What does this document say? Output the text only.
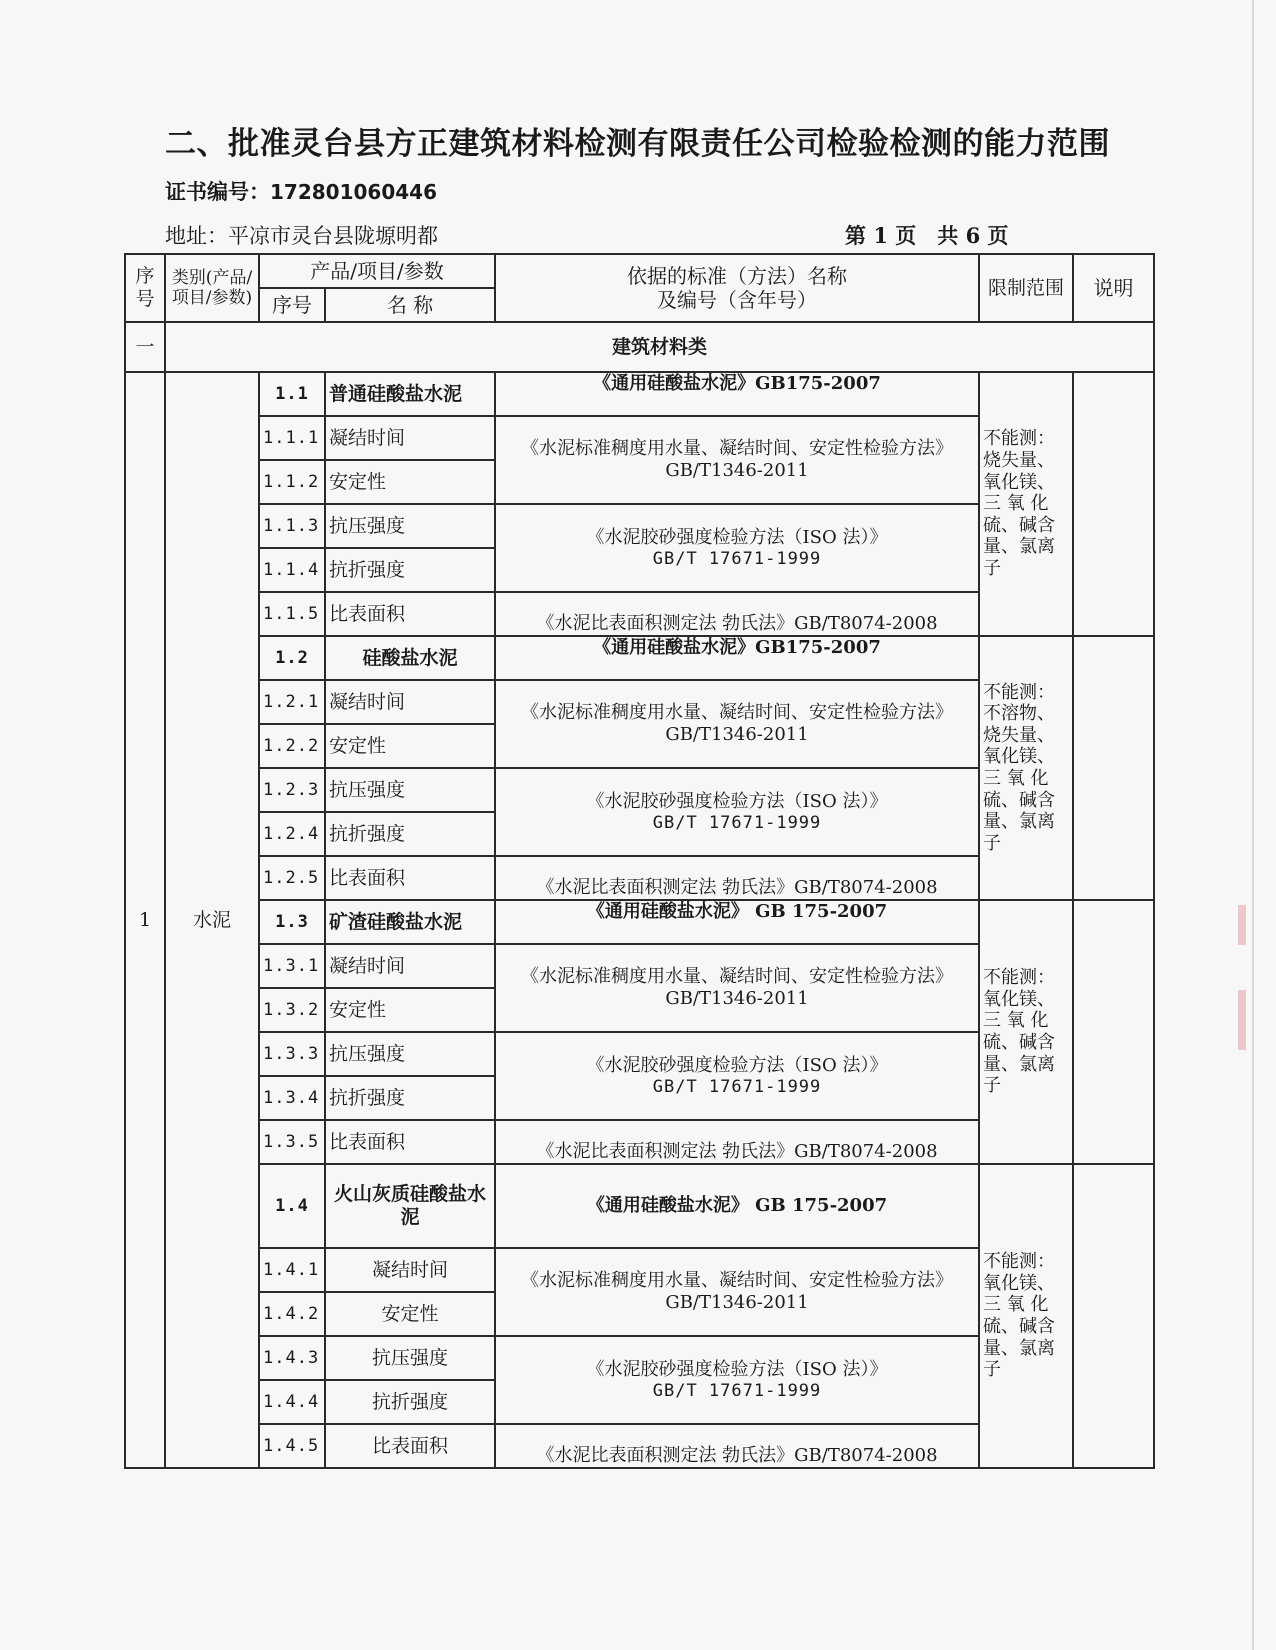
二、批准灵台县方正建筑材料检测有限责任公司检验检测的能力范围
证书编号：172801060446
地址：平凉市灵台县陇塬明都	第 1 页　共 6 页
序号	类别(产品/项目/参数)	产品/项目/参数		依据的标准（方法）名称
及编号（含年号）	限制范围	说明
		序号	名 称			
一	建筑材料类					
1	水泥	1.1	普通硅酸盐水泥	《通用硅酸盐水泥》GB175-2007	不能测：烧失量、氧化镁、三 氧 化硫、碱含量、氯离子	
		1.1.1	凝结时间	《水泥标准稠度用水量、凝结时间、安定性检验方法》GB/T1346-2011		
		1.1.2	安定性			
		1.1.3	抗压强度	《水泥胶砂强度检验方法（ISO 法）》
GB/T 17671-1999		

		1.1.4	抗折强度			
		1.1.5	比表面积	《水泥比表面积测定法 勃氏法》GB/T8074-2008		
		1.2	硅酸盐水泥	《通用硅酸盐水泥》GB175-2007	不能测：不溶物、烧失量、氧化镁、三 氧 化硫、碱含量、氯离子	
		1.2.1	凝结时间	《水泥标准稠度用水量、凝结时间、安定性检验方法》GB/T1346-2011		
		1.2.2	安定性			
		1.2.3	抗压强度	《水泥胶砂强度检验方法（ISO 法）》
GB/T 17671-1999		

		1.2.4	抗折强度			
		1.2.5	比表面积	《水泥比表面积测定法 勃氏法》GB/T8074-2008		
		1.3	矿渣硅酸盐水泥	《通用硅酸盐水泥》 GB 175-2007	不能测：氧化镁、三 氧 化硫、碱含量、氯离子	
		1.3.1	凝结时间	《水泥标准稠度用水量、凝结时间、安定性检验方法》GB/T1346-2011		
		1.3.2	安定性			
		1.3.3	抗压强度	《水泥胶砂强度检验方法（ISO 法）》
GB/T 17671-1999		

		1.3.4	抗折强度			
		1.3.5	比表面积	《水泥比表面积测定法 勃氏法》GB/T8074-2008		
		1.4	火山灰质硅酸盐水泥	《通用硅酸盐水泥》 GB 175-2007	不能测：氧化镁、三 氧 化硫、碱含量、氯离子	
		1.4.1	凝结时间	《水泥标准稠度用水量、凝结时间、安定性检验方法》GB/T1346-2011		
		1.4.2	安定性			
		1.4.3	抗压强度	《水泥胶砂强度检验方法（ISO 法）》
GB/T 17671-1999		

		1.4.4	抗折强度			
		1.4.5	比表面积	《水泥比表面积测定法 勃氏法》GB/T8074-2008		
